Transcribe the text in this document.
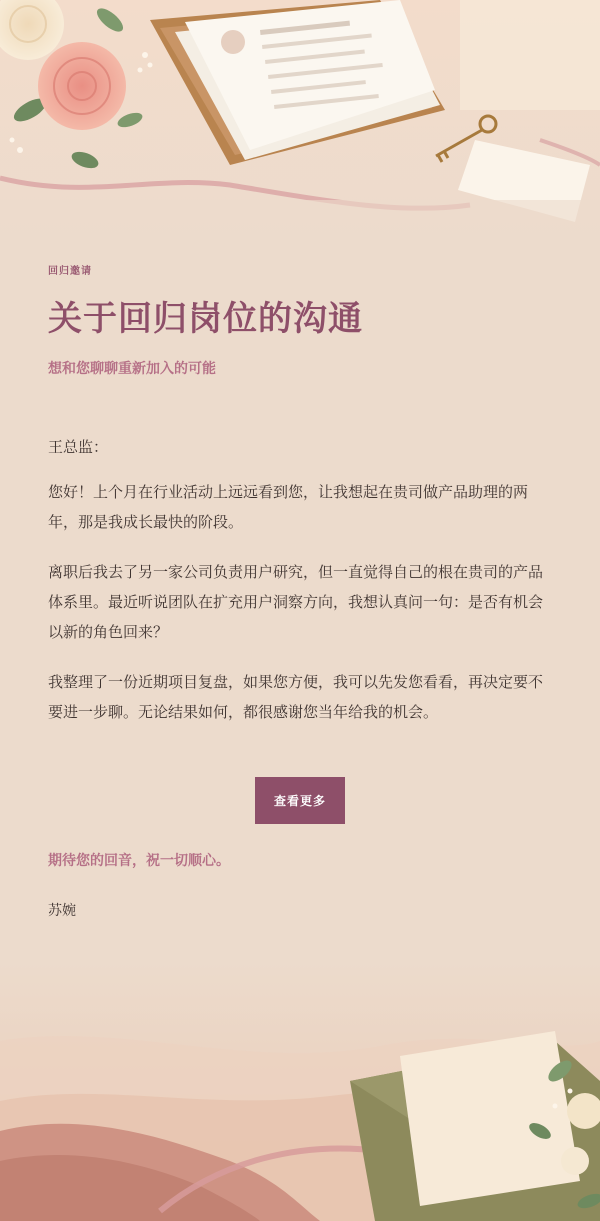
回归邀请

关于回归岗位的沟通

想和您聊聊重新加入的可能

王总监：

您好！上个月在行业活动上远远看到您，让我想起在贵司做产品助理的两年，那是我成长最快的阶段。

离职后我去了另一家公司负责用户研究，但一直觉得自己的根在贵司的产品体系里。最近听说团队在扩充用户洞察方向，我想认真问一句：是否有机会以新的角色回来？

我整理了一份近期项目复盘，如果您方便，我可以先发您看看，再决定要不要进一步聊。无论结果如何，都很感谢您当年给我的机会。

查看更多

期待您的回音，祝一切顺心。

苏婉
